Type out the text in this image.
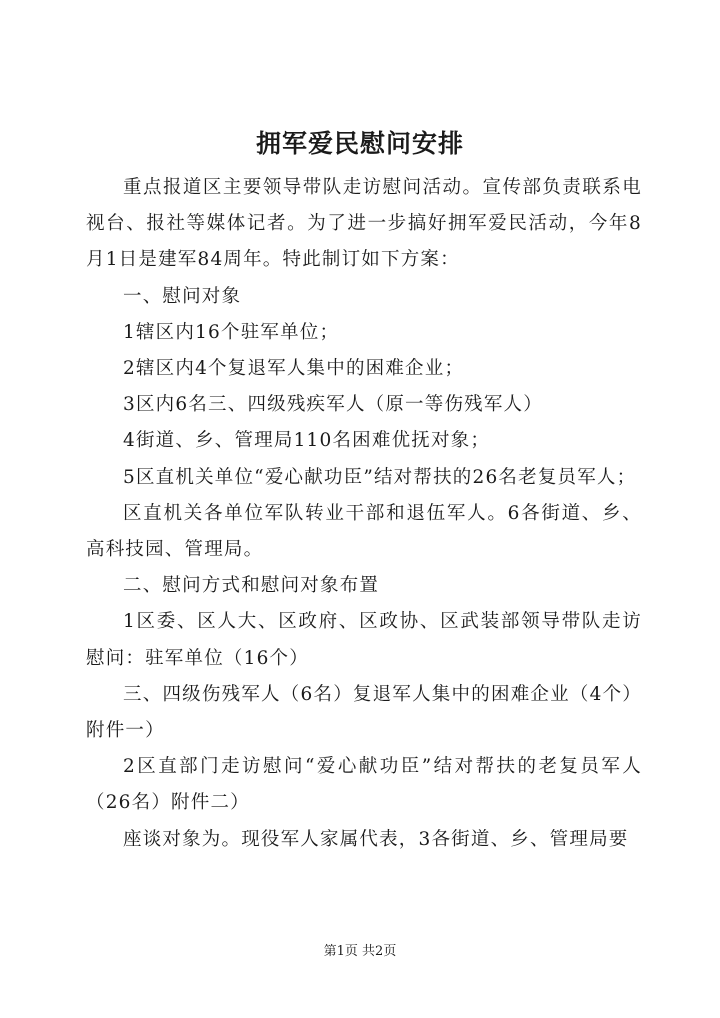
拥军爱民慰问安排

重点报道区主要领导带队走访慰问活动。宣传部负责联系电视台、报社等媒体记者。为了进一步搞好拥军爱民活动，今年8月1日是建军84周年。特此制订如下方案：

一、慰问对象

1辖区内16个驻军单位；

2辖区内4个复退军人集中的困难企业；

3区内6名三、四级残疾军人（原一等伤残军人）

4街道、乡、管理局110名困难优抚对象；

5区直机关单位“爱心献功臣”结对帮扶的26名老复员军人；

区直机关各单位军队转业干部和退伍军人。6各街道、乡、高科技园、管理局。

二、慰问方式和慰问对象布置

1区委、区人大、区政府、区政协、区武装部领导带队走访慰问：驻军单位（16个）

三、四级伤残军人（6名）复退军人集中的困难企业（4个）附件一）

2区直部门走访慰问“爱心献功臣”结对帮扶的老复员军人（26名）附件二）

座谈对象为。现役军人家属代表，3各街道、乡、管理局要

第1页 共2页
